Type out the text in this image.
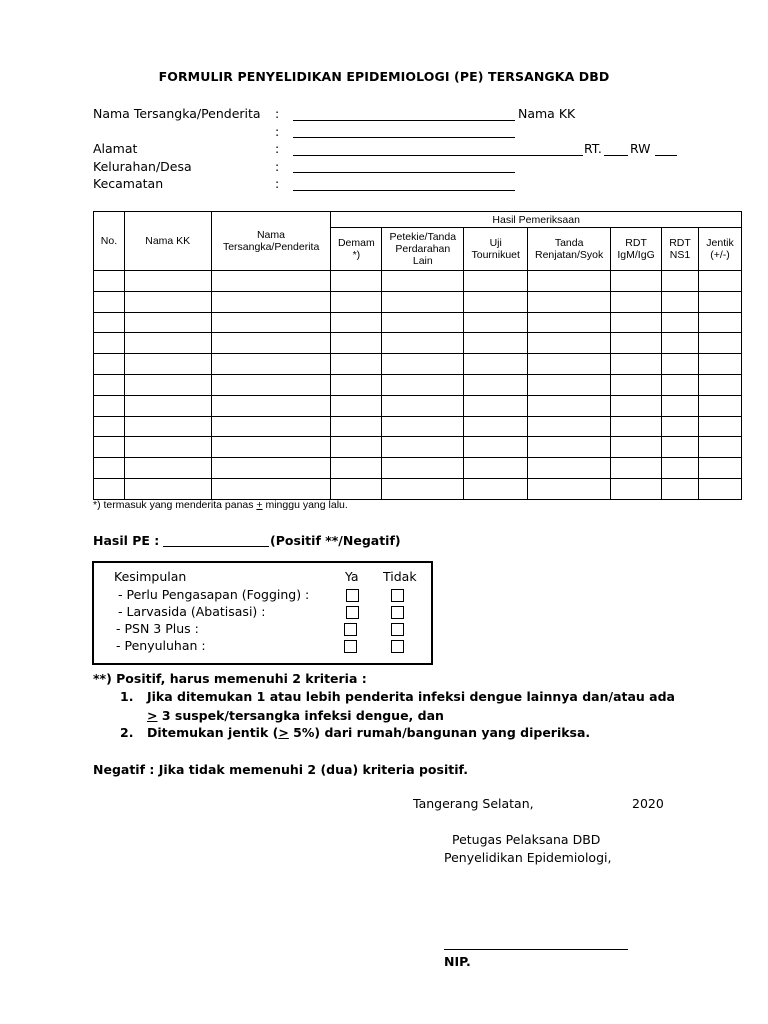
FORMULIR PENYELIDIKAN EPIDEMIOLOGI (PE) TERSANGKA DBD
Nama Tersangka/Penderita :	Nama KK
:
Alamat	:	RT. RW
Kelurahan/Desa	:
Kecamatan	:
No.	Nama KK	Nama Tersangka/Penderita	Hasil Pemeriksaan						
			Demam *)	Petekie/Tanda Perdarahan Lain	Uji Tournikuet	Tanda Renjatan/Syok	RDT IgM/IgG	RDT NS1	Jentik (+/-)

*) termasuk yang menderita panas + minggu yang lalu.
Hasil PE :	(Positif **/Negatif)
Kesimpulan	Ya Tidak
- Perlu Pengasapan (Fogging) :
- Larvasida (Abatisasi) :
- PSN 3 Plus :
- Penyuluhan :
**) Positif, harus memenuhi 2 kriteria :
1. Jika ditemukan 1 atau lebih penderita infeksi dengue lainnya dan/atau ada
≥ 3 suspek/tersangka infeksi dengue, dan
2. Ditemukan jentik (≥ 5%) dari rumah/bangunan yang diperiksa.
Negatif : Jika tidak memenuhi 2 (dua) kriteria positif.
Tangerang Selatan,	2020
Petugas Pelaksana DBD
Penyelidikan Epidemiologi,
NIP.
